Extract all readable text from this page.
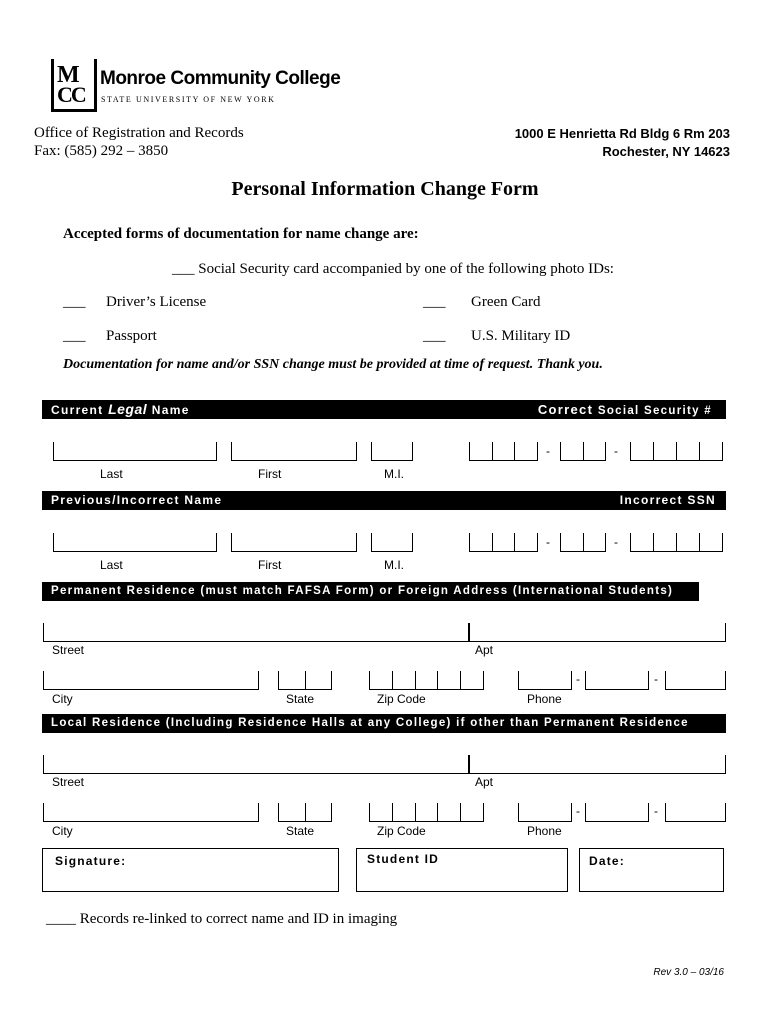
M
CC
Monroe Community College
STATE UNIVERSITY OF NEW YORK
Office of Registration and Records
Fax: (585) 292 – 3850
1000 E Henrietta Rd Bldg 6 Rm 203
Rochester, NY 14623
Personal Information Change Form
Accepted forms of documentation for name change are:
___ Social Security card accompanied by one of the following photo IDs:
___ Driver’s License	___ Green Card
___ Passport	___ U.S. Military ID
Documentation for name and/or SSN change must be provided at time of request. Thank you.
Current Legal Name	Correct Social Security #
-	-
Last	First	M.I.
Previous/Incorrect Name	Incorrect SSN
-	-
Last	First	M.I.
Permanent Residence (must match FAFSA Form) or Foreign Address (International Students)
Street	Apt
-	-
City	State	Zip Code	Phone
Local Residence (Including Residence Halls at any College) if other than Permanent Residence
Street	Apt
-	-
City	State	Zip Code	Phone
Signature:	Student ID	Date:
____ Records re-linked to correct name and ID in imaging
Rev 3.0 – 03/16
